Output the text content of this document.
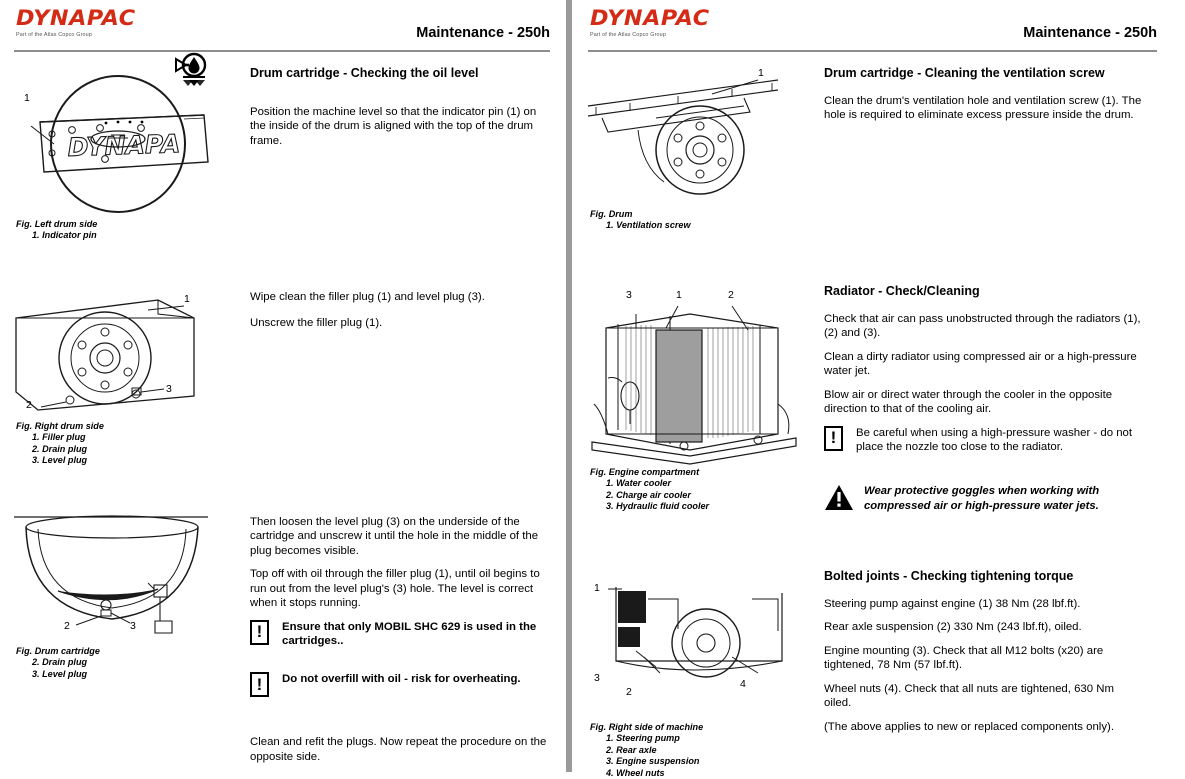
DYNAPAC
Part of the Atlas Copco Group	Maintenance - 250h
DYNAPA
1
Fig. Left drum side
1. Indicator pin
Drum cartridge - Checking the oil level

Position the machine level so that the indicator pin (1) on the inside of the drum is aligned with the top of the drum frame.

1
2
3
Fig. Right drum side
1. Filler plug
2. Drain plug
3. Level plug

Wipe clean the filler plug (1) and level plug (3).

Unscrew the filler plug (1).

2	3
Fig. Drum cartridge
2. Drain plug
3. Level plug

Then loosen the level plug (3) on the underside of the cartridge and unscrew it until the hole in the middle of the plug becomes visible.

Top off with oil through the filler plug (1), until oil begins to run out from the level plug's (3) hole. The level is correct when it stops running.

!	Ensure that only MOBIL SHC 629 is used in the cartridges..
!	Do not overfill with oil - risk for overheating.

Clean and refit the plugs. Now repeat the procedure on the opposite side.

DYNAPAC
Part of the Atlas Copco Group	Maintenance - 250h
1
Fig. Drum
1. Ventilation screw
Drum cartridge - Cleaning the ventilation screw

Clean the drum's ventilation hole and ventilation screw (1). The hole is required to eliminate excess pressure inside the drum.

3	1	2
Fig. Engine compartment
1. Water cooler
2. Charge air cooler
3. Hydraulic fluid cooler
Radiator - Check/Cleaning

Check that air can pass unobstructed through the radiators (1), (2) and (3).

Clean a dirty radiator using compressed air or a high-pressure water jet.

Blow air or direct water through the cooler in the opposite direction to that of the cooling air.

!	Be careful when using a high-pressure washer - do not place the nozzle too close to the radiator.
Wear protective goggles when working with compressed air or high-pressure water jets.
1
3
2
4
Fig. Right side of machine
1. Steering pump
2. Rear axle
3. Engine suspension
4. Wheel nuts
Bolted joints - Checking tightening torque

Steering pump against engine (1) 38 Nm (28 lbf.ft).

Rear axle suspension (2) 330 Nm (243 lbf.ft), oiled.

Engine mounting (3). Check that all M12 bolts (x20) are tightened, 78 Nm (57 lbf.ft).

Wheel nuts (4). Check that all nuts are tightened, 630 Nm oiled.

(The above applies to new or replaced components only).
